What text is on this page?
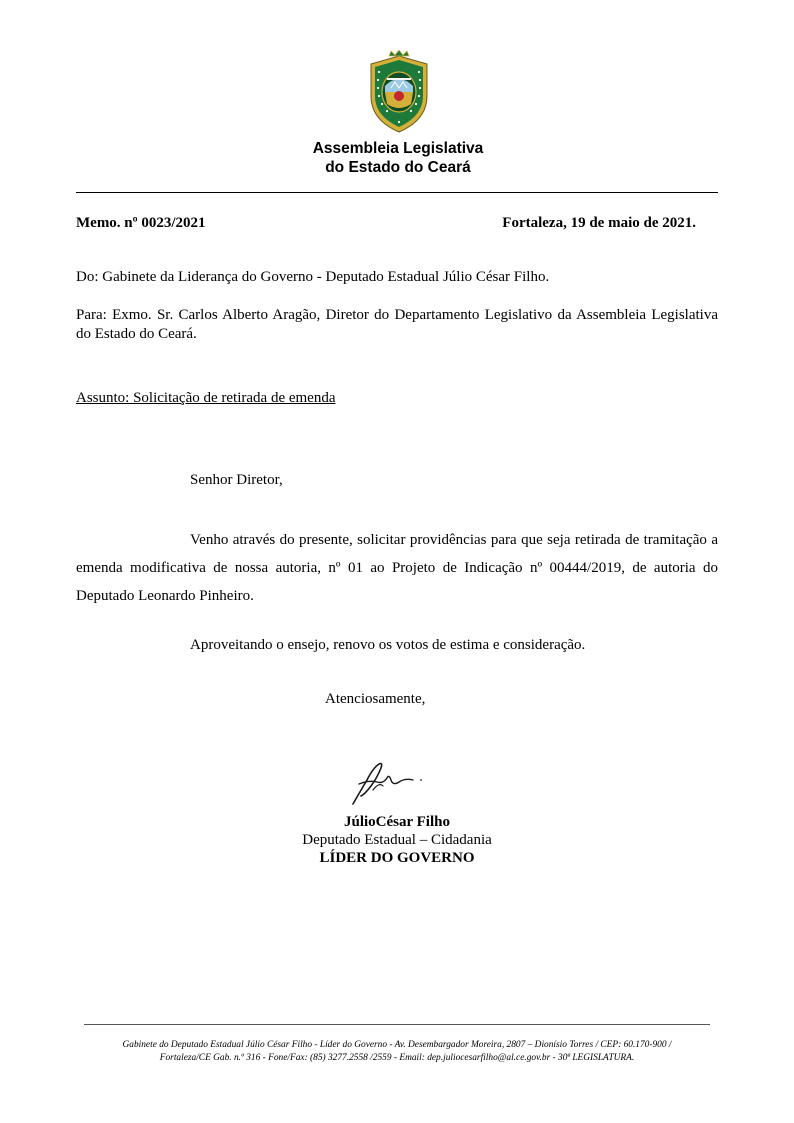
Assembleia Legislativa
do Estado do Ceará
Memo. nº 0023/2021	Fortaleza, 19 de maio de 2021.
Do: Gabinete da Liderança do Governo - Deputado Estadual Júlio César Filho.
Para: Exmo. Sr. Carlos Alberto Aragão, Diretor do Departamento Legislativo da Assembleia Legislativa do Estado do Ceará.
Assunto: Solicitação de retirada de emenda
Senhor Diretor,
Venho através do presente, solicitar providências para que seja retirada de tramitação a emenda modificativa de nossa autoria, nº 01 ao Projeto de Indicação nº 00444/2019, de autoria do Deputado Leonardo Pinheiro.
Aproveitando o ensejo, renovo os votos de estima e consideração.
Atenciosamente,
JúlioCésar Filho
Deputado Estadual – Cidadania
LÍDER DO GOVERNO
Gabinete do Deputado Estadual Júlio César Filho - Líder do Governo - Av. Desembargador Moreira, 2807 – Dionísio Torres / CEP: 60.170-900 /
Fortaleza/CE Gab. n.º 316 - Fone/Fax: (85) 3277.2558 /2559 - Email: dep.juliocesarfilho@al.ce.gov.br - 30ª LEGISLATURA.
